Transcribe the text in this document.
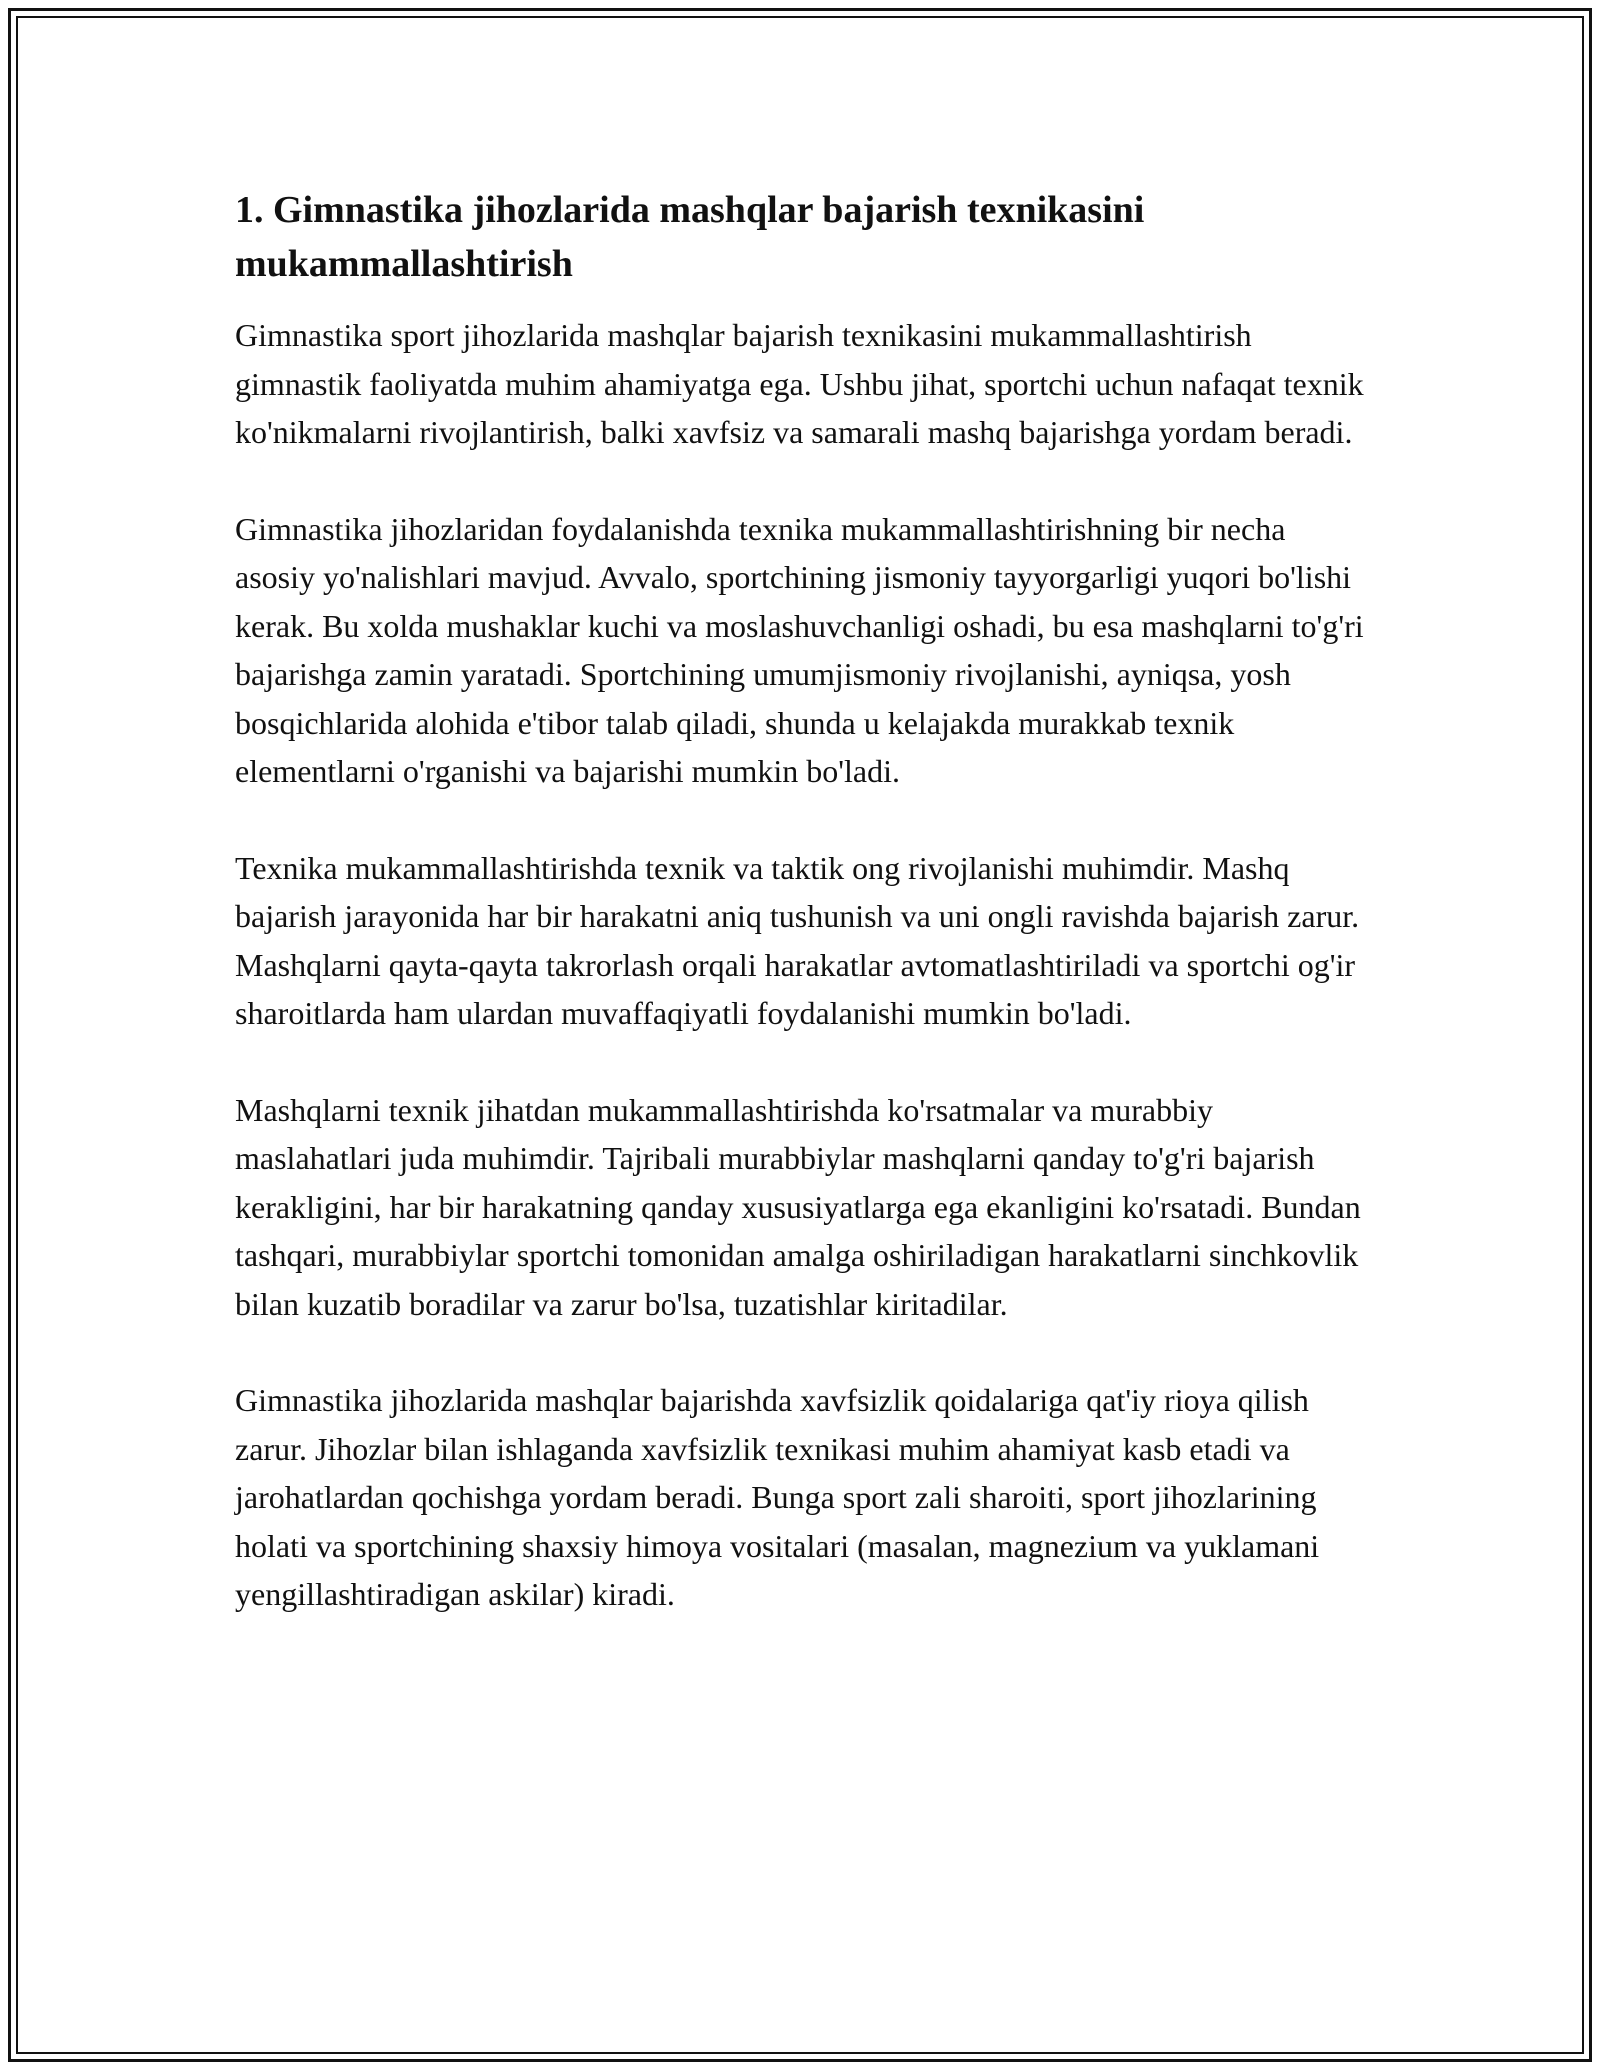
1. Gimnastika jihozlarida mashqlar bajarish texnikasini mukammallashtirish

Gimnastika sport jihozlarida mashqlar bajarish texnikasini mukammallashtirish gimnastik faoliyatda muhim ahamiyatga ega. Ushbu jihat, sportchi uchun nafaqat texnik ko'nikmalarni rivojlantirish, balki xavfsiz va samarali mashq bajarishga yordam beradi.

Gimnastika jihozlaridan foydalanishda texnika mukammallashtirishning bir necha asosiy yo'nalishlari mavjud. Avvalo, sportchining jismoniy tayyorgarligi yuqori bo'lishi kerak. Bu xolda mushaklar kuchi va moslashuvchanligi oshadi, bu esa mashqlarni to'g'ri bajarishga zamin yaratadi. Sportchining umumjismoniy rivojlanishi, ayniqsa, yosh bosqichlarida alohida e'tibor talab qiladi, shunda u kelajakda murakkab texnik elementlarni o'rganishi va bajarishi mumkin bo'ladi.

Texnika mukammallashtirishda texnik va taktik ong rivojlanishi muhimdir. Mashq bajarish jarayonida har bir harakatni aniq tushunish va uni ongli ravishda bajarish zarur. Mashqlarni qayta-qayta takrorlash orqali harakatlar avtomatlashtiriladi va sportchi og'ir sharoitlarda ham ulardan muvaffaqiyatli foydalanishi mumkin bo'ladi.

Mashqlarni texnik jihatdan mukammallashtirishda ko'rsatmalar va murabbiy maslahatlari juda muhimdir. Tajribali murabbiylar mashqlarni qanday to'g'ri bajarish kerakligini, har bir harakatning qanday xususiyatlarga ega ekanligini ko'rsatadi. Bundan tashqari, murabbiylar sportchi tomonidan amalga oshiriladigan harakatlarni sinchkovlik bilan kuzatib boradilar va zarur bo'lsa, tuzatishlar kiritadilar.

Gimnastika jihozlarida mashqlar bajarishda xavfsizlik qoidalariga qat'iy rioya qilish zarur. Jihozlar bilan ishlaganda xavfsizlik texnikasi muhim ahamiyat kasb etadi va jarohatlardan qochishga yordam beradi. Bunga sport zali sharoiti, sport jihozlarining holati va sportchining shaxsiy himoya vositalari (masalan, magnezium va yuklamani yengillashtiradigan askilar) kiradi.
